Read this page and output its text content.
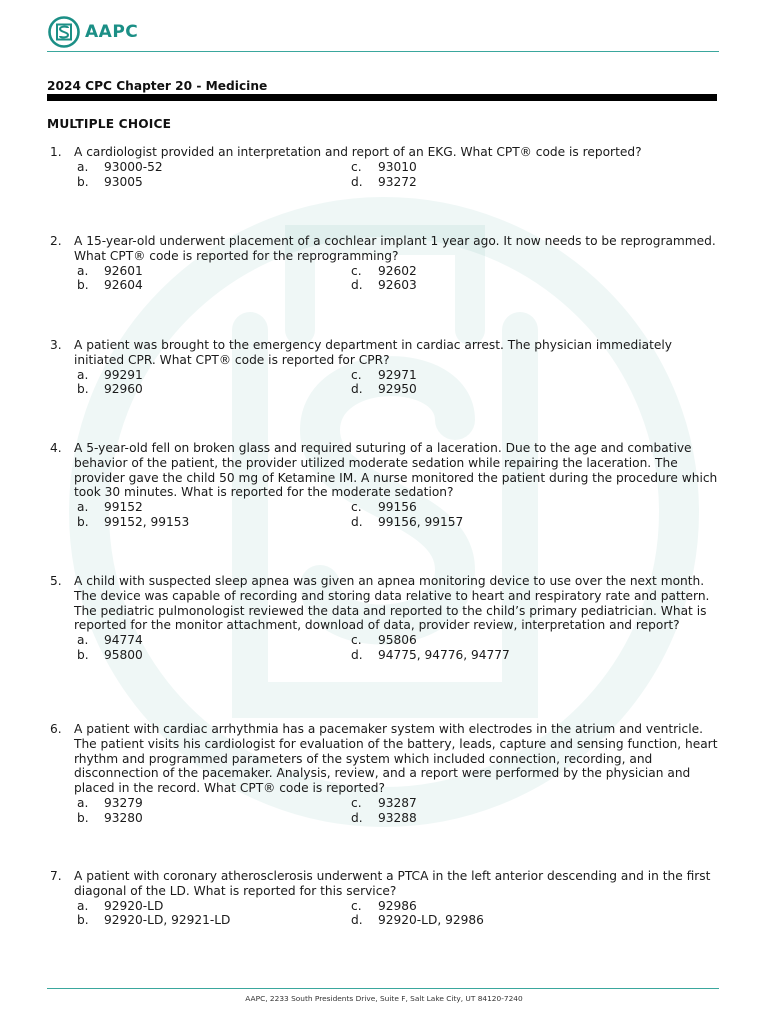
AAPC
2024 CPC Chapter 20 - Medicine
MULTIPLE CHOICE
1. A cardiologist provided an interpretation and report of an EKG. What CPT® code is reported?
a.	93000-52	c.	93010
b.	93005	d.	93272
2. A 15-year-old underwent placement of a cochlear implant 1 year ago. It now needs to be reprogrammed. What CPT® code is reported for the reprogramming?
a.	92601	c.	92602
b.	92604	d.	92603
3. A patient was brought to the emergency department in cardiac arrest. The physician immediately initiated CPR. What CPT® code is reported for CPR?
a.	99291	c.	92971
b.	92960	d.	92950
4. A 5-year-old fell on broken glass and required suturing of a laceration. Due to the age and combative behavior of the patient, the provider utilized moderate sedation while repairing the laceration. The provider gave the child 50 mg of Ketamine IM. A nurse monitored the patient during the procedure which took 30 minutes. What is reported for the moderate sedation?
a.	99152	c.	99156
b.	99152, 99153	d.	99156, 99157
5. A child with suspected sleep apnea was given an apnea monitoring device to use over the next month. The device was capable of recording and storing data relative to heart and respiratory rate and pattern. The pediatric pulmonologist reviewed the data and reported to the child’s primary pediatrician. What is reported for the monitor attachment, download of data, provider review, interpretation and report?
a.	94774	c.	95806
b.	95800	d.	94775, 94776, 94777
6. A patient with cardiac arrhythmia has a pacemaker system with electrodes in the atrium and ventricle. The patient visits his cardiologist for evaluation of the battery, leads, capture and sensing function, heart rhythm and programmed parameters of the system which included connection, recording, and disconnection of the pacemaker. Analysis, review, and a report were performed by the physician and placed in the record. What CPT® code is reported?
a.	93279	c.	93287
b.	93280	d.	93288
7. A patient with coronary atherosclerosis underwent a PTCA in the left anterior descending and in the first diagonal of the LD. What is reported for this service?
a.	92920-LD	c.	92986
b.	92920-LD, 92921-LD	d.	92920-LD, 92986
AAPC, 2233 South Presidents Drive, Suite F, Salt Lake City, UT 84120-7240
